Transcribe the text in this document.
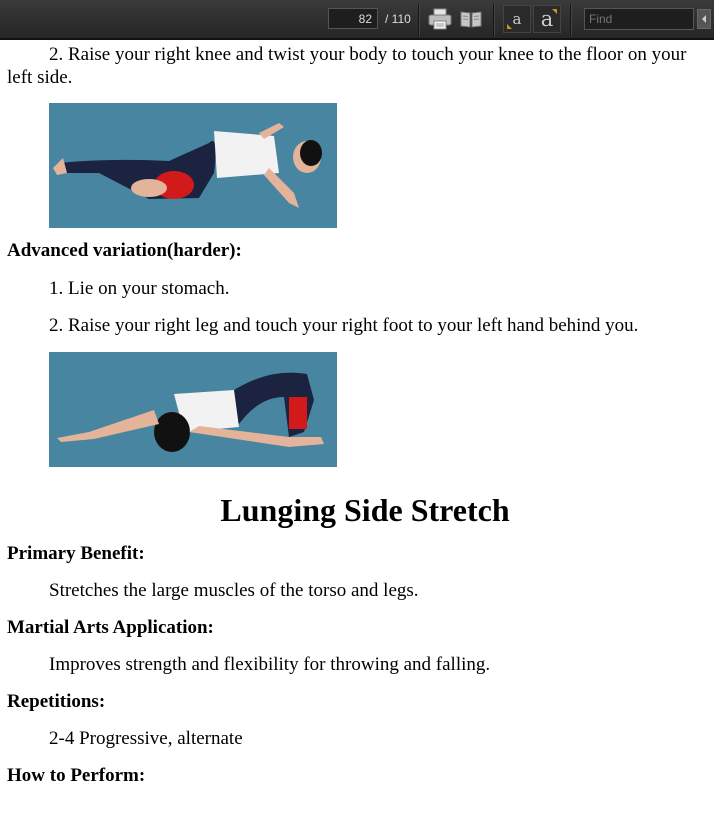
82
/ 110	a a
Find

2. Raise your right knee and twist your body to touch your knee to the floor on your left side.

Advanced variation(harder):

1. Lie on your stomach.

2. Raise your right leg and touch your right foot to your left hand behind you.

Lunging Side Stretch

Primary Benefit:

Stretches the large muscles of the torso and legs.

Martial Arts Application:

Improves strength and flexibility for throwing and falling.

Repetitions:

2-4 Progressive, alternate

How to Perform:
